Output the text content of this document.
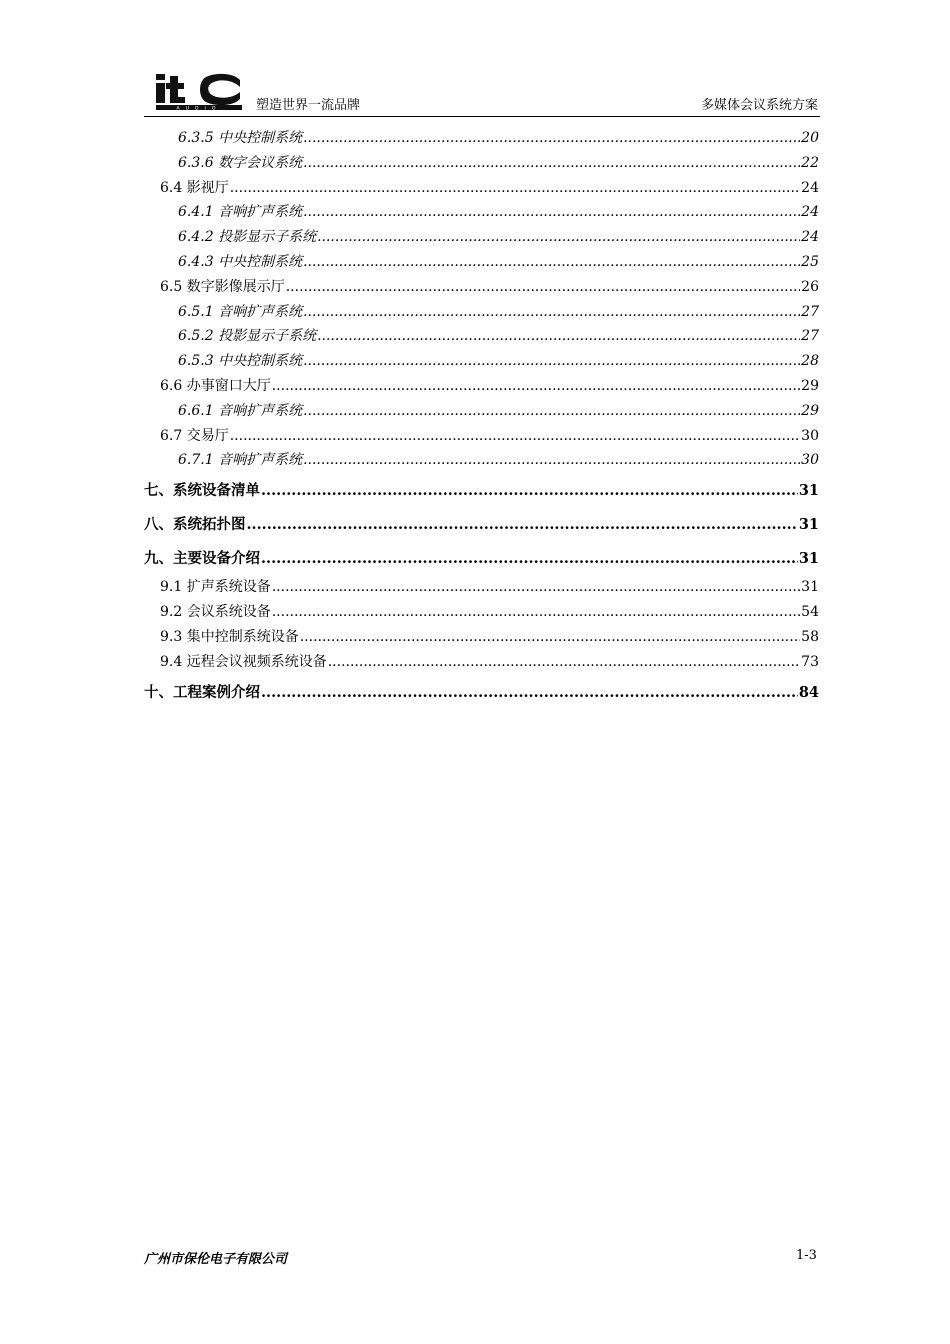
AUDIO	塑造世界一流品牌	多媒体会议系统方案
6.3.5 中央控制系统 .....	20
6.3.6 数字会议系统 .....	22
6.4 影视厅 .....	24
6.4.1 音响扩声系统 .....	24
6.4.2 投影显示子系统 .....	24
6.4.3 中央控制系统 .....	25
6.5 数字影像展示厅 .....	26
6.5.1 音响扩声系统 .....	27
6.5.2 投影显示子系统 .....	27
6.5.3 中央控制系统 .....	28
6.6 办事窗口大厅 .....	29
6.6.1 音响扩声系统 .....	29
6.7 交易厅 .....	30
6.7.1 音响扩声系统 .....	30
七、系统设备清单 .....	31
八、系统拓扑图 .....	31
九、主要设备介绍 .....	31
9.1 扩声系统设备 .....	31
9.2 会议系统设备 .....	54
9.3 集中控制系统设备 .....	58
9.4 远程会议视频系统设备 .....	73
十、工程案例介绍 .....	84
广州市保伦电子有限公司	1-3
